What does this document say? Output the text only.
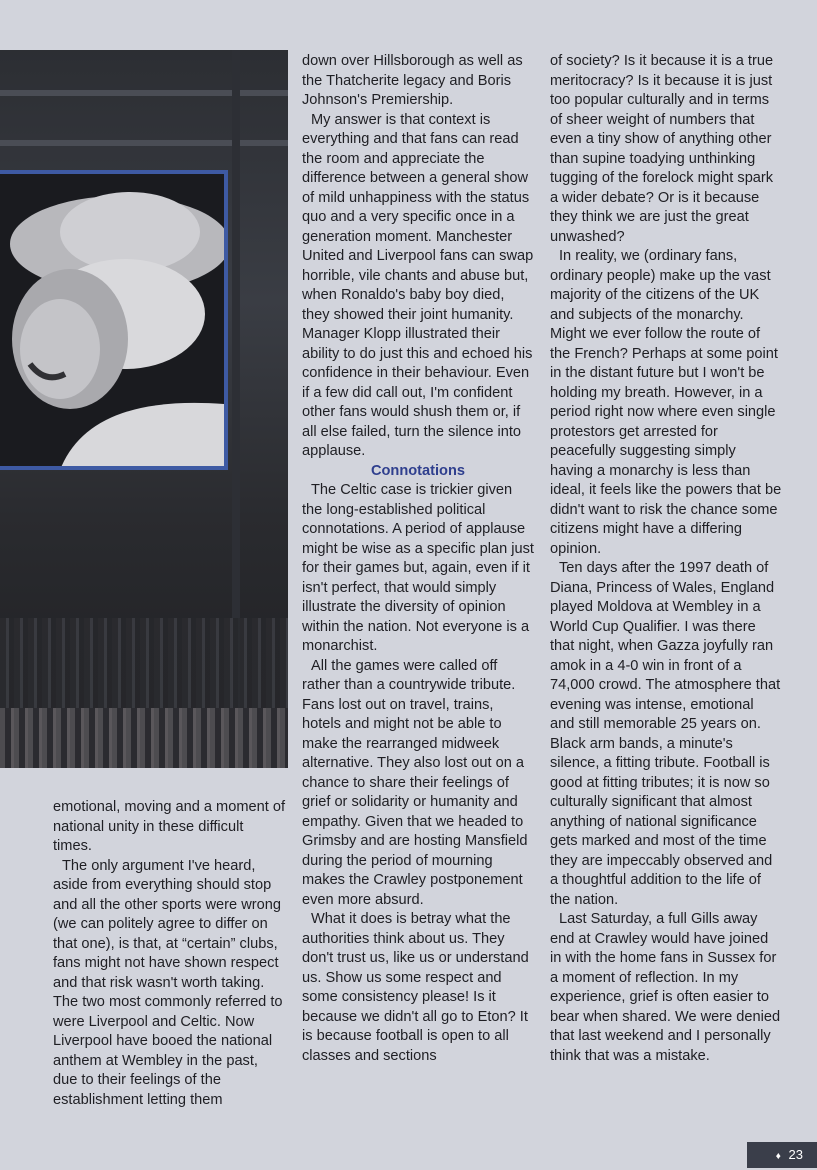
emotional, moving and a moment of national unity in these difficult times.

The only argument I've heard, aside from everything should stop and all the other sports were wrong (we can politely agree to differ on that one), is that, at “certain” clubs, fans might not have shown respect and that risk wasn't worth taking. The two most commonly referred to were Liverpool and Celtic. Now Liverpool have booed the national anthem at Wembley in the past, due to their feelings of the establishment letting them

down over Hillsborough as well as the Thatcherite legacy and Boris Johnson's Premiership.

My answer is that context is everything and that fans can read the room and appreciate the difference between a general show of mild unhappiness with the status quo and a very specific once in a generation moment. Manchester United and Liverpool fans can swap horrible, vile chants and abuse but, when Ronaldo's baby boy died, they showed their joint humanity. Manager Klopp illustrated their ability to do just this and echoed his confidence in their behaviour. Even if a few did call out, I'm confident other fans would shush them or, if all else failed, turn the silence into applause.

Connotations

The Celtic case is trickier given the long-established political connotations. A period of applause might be wise as a specific plan just for their games but, again, even if it isn't perfect, that would simply illustrate the diversity of opinion within the nation. Not everyone is a monarchist.

All the games were called off rather than a countrywide tribute. Fans lost out on travel, trains, hotels and might not be able to make the rearranged midweek alternative. They also lost out on a chance to share their feelings of grief or solidarity or humanity and empathy. Given that we headed to Grimsby and are hosting Mansfield during the period of mourning makes the Crawley postponement even more absurd.

What it does is betray what the authorities think about us. They don't trust us, like us or understand us. Show us some respect and some consistency please! Is it because we didn't all go to Eton? It is because football is open to all classes and sections

of society? Is it because it is a true meritocracy? Is it because it is just too popular culturally and in terms of sheer weight of numbers that even a tiny show of anything other than supine toadying unthinking tugging of the forelock might spark a wider debate? Or is it because they think we are just the great unwashed?

In reality, we (ordinary fans, ordinary people) make up the vast majority of the citizens of the UK and subjects of the monarchy. Might we ever follow the route of the French? Perhaps at some point in the distant future but I won't be holding my breath. However, in a period right now where even single protestors get arrested for peacefully suggesting simply having a monarchy is less than ideal, it feels like the powers that be didn't want to risk the chance some citizens might have a differing opinion.

Ten days after the 1997 death of Diana, Princess of Wales, England played Moldova at Wembley in a World Cup Qualifier. I was there that night, when Gazza joyfully ran amok in a 4-0 win in front of a 74,000 crowd. The atmosphere that evening was intense, emotional and still memorable 25 years on. Black arm bands, a minute's silence, a fitting tribute. Football is good at fitting tributes; it is now so culturally significant that almost anything of national significance gets marked and most of the time they are impeccably observed and a thoughtful addition to the life of the nation.

Last Saturday, a full Gills away end at Crawley would have joined in with the home fans in Sussex for a moment of reflection. In my experience, grief is often easier to bear when shared. We were denied that last weekend and I personally think that was a mistake.

♦ 23
